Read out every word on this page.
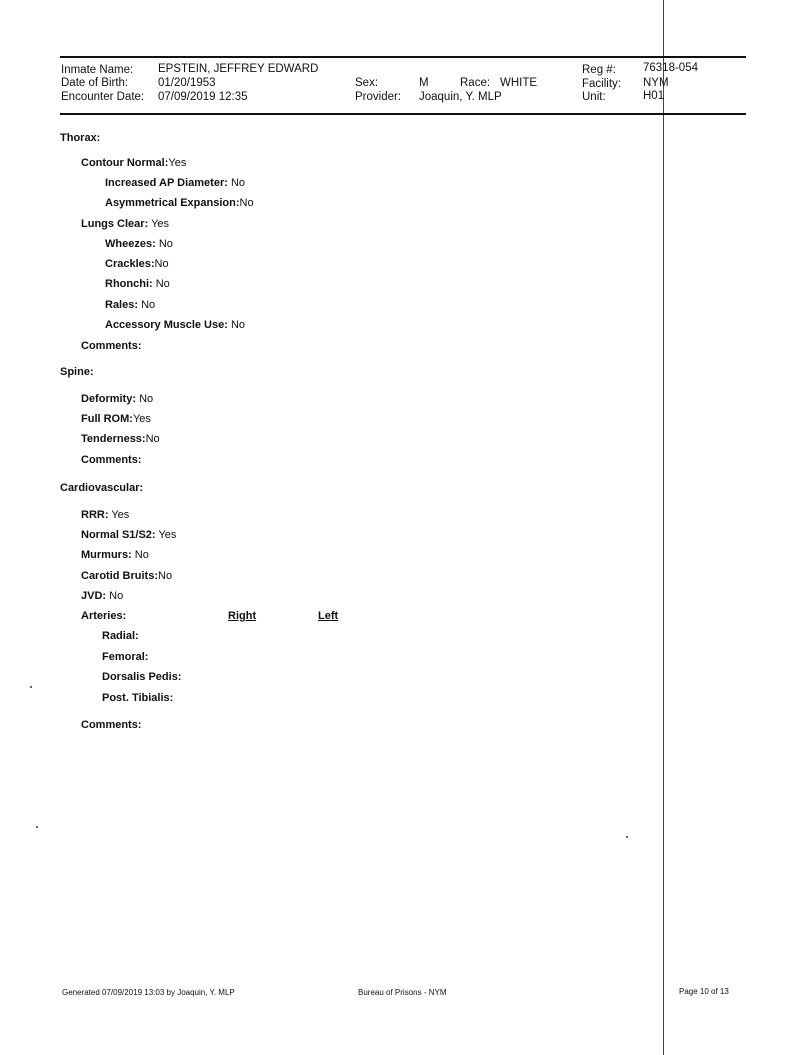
Inmate Name: EPSTEIN, JEFFREY EDWARD
Date of Birth:	01/20/1953
Encounter Date: 07/09/2019 12:35
Sex:	M	Race: WHITE
Provider: Joaquin, Y. MLP
Reg #: 76318-054
Facility: NYM
Unit:	H01
Thorax:
Contour Normal:Yes
Increased AP Diameter: No
Asymmetrical Expansion:No
Lungs Clear: Yes
Wheezes: No
Crackles:No
Rhonchi: No
Rales: No
Accessory Muscle Use: No
Comments:
Spine:
Deformity: No
Full ROM:Yes
Tenderness:No
Comments:
Cardiovascular:
RRR: Yes
Normal S1/S2: Yes
Murmurs: No
Carotid Bruits:No
JVD: No
Arteries:	Right	Left
Radial:
Femoral:
Dorsalis Pedis:
Post. Tibialis:
Comments:
Generated 07/09/2019 13:03 by Joaquin, Y. MLP	Bureau of Prisons - NYM	Page 10 of 13
